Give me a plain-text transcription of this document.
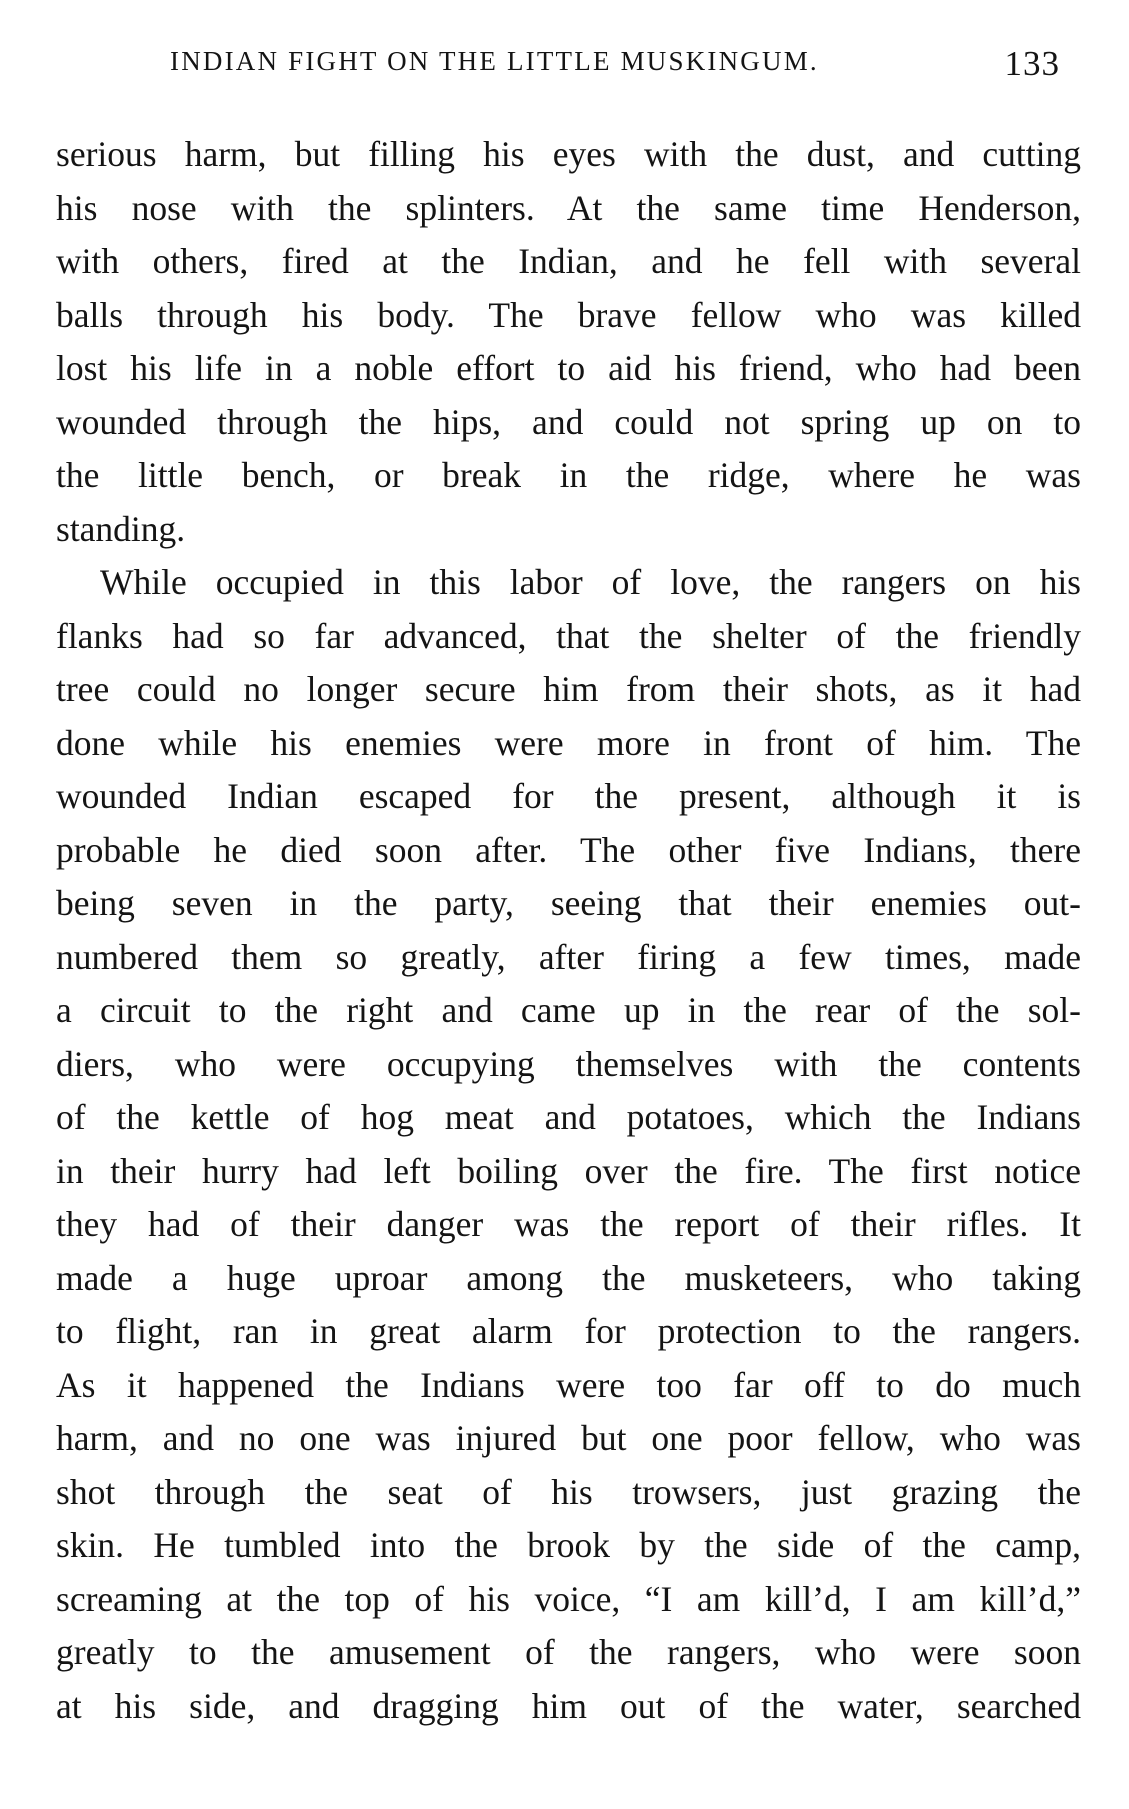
INDIAN FIGHT ON THE LITTLE MUSKINGUM.	133
serious harm, but filling his eyes with the dust, and cutting
his nose with the splinters. At the same time Henderson,
with others, fired at the Indian, and he fell with several
balls through his body. The brave fellow who was killed
lost his life in a noble effort to aid his friend, who had been
wounded through the hips, and could not spring up on to
the little bench, or break in the ridge, where he was
standing.
While occupied in this labor of love, the rangers on his
flanks had so far advanced, that the shelter of the friendly
tree could no longer secure him from their shots, as it had
done while his enemies were more in front of him. The
wounded Indian escaped for the present, although it is
probable he died soon after. The other five Indians, there
being seven in the party, seeing that their enemies out-
numbered them so greatly, after firing a few times, made
a circuit to the right and came up in the rear of the sol-
diers, who were occupying themselves with the contents
of the kettle of hog meat and potatoes, which the Indians
in their hurry had left boiling over the fire. The first notice
they had of their danger was the report of their rifles. It
made a huge uproar among the musketeers, who taking
to flight, ran in great alarm for protection to the rangers.
As it happened the Indians were too far off to do much
harm, and no one was injured but one poor fellow, who was
shot through the seat of his trowsers, just grazing the
skin. He tumbled into the brook by the side of the camp,
screaming at the top of his voice, “I am kill’d, I am kill’d,”
greatly to the amusement of the rangers, who were soon
at his side, and dragging him out of the water, searched
